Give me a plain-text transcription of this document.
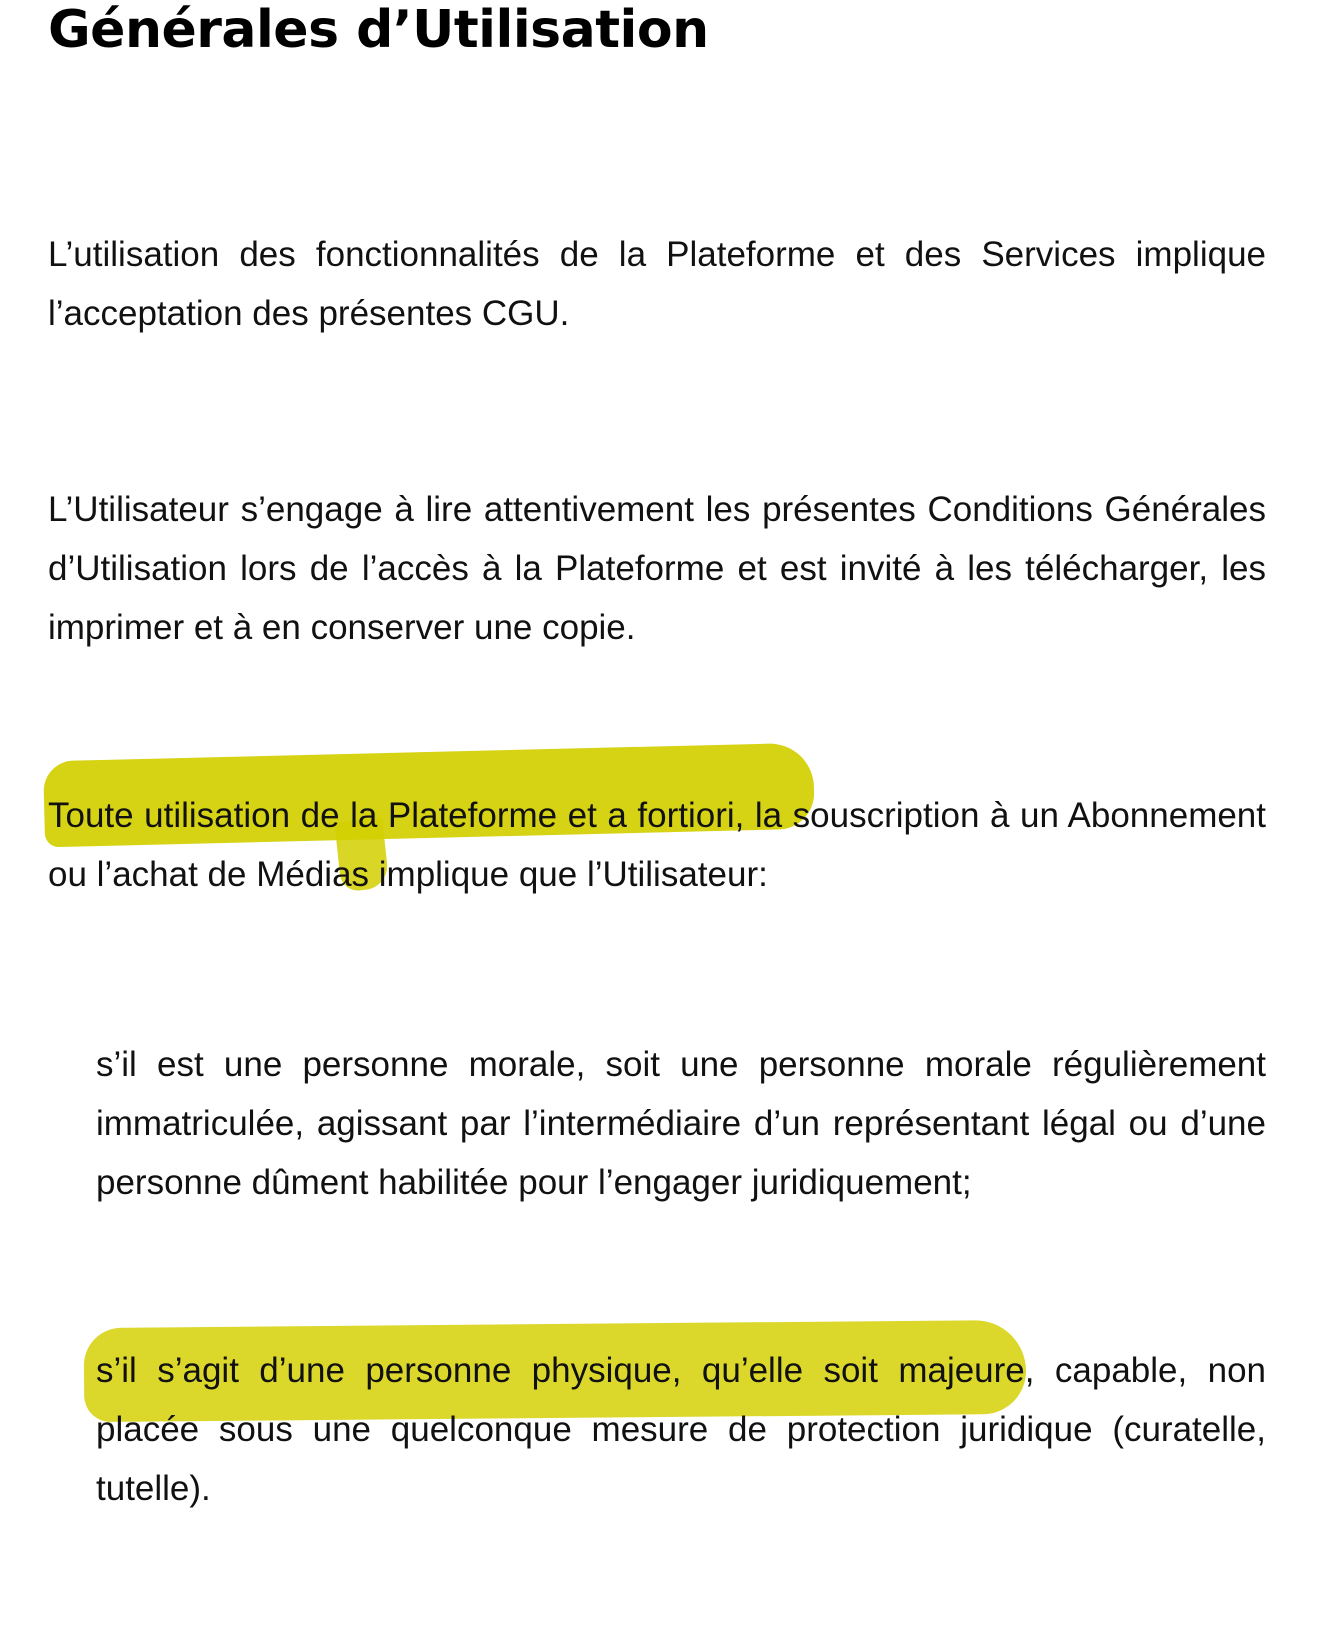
Générales d’Utilisation

L’utilisation des fonctionnalités de la Plateforme et des Services implique l’acceptation des présentes CGU.

L’Utilisateur s’engage à lire attentivement les présentes Conditions Générales d’Utilisation lors de l’accès à la Plateforme et est invité à les télécharger, les imprimer et à en conserver une copie.

Toute utilisation de la Plateforme et a fortiori, la souscription à un Abonnement ou l’achat de Médias implique que l’Utilisateur:

s’il est une personne morale, soit une personne morale régulièrement immatriculée, agissant par l’intermédiaire d’un représentant légal ou d’une personne dûment habilitée pour l’engager juridiquement;

s’il s’agit d’une personne physique, qu’elle soit majeure, capable, non placée sous une quelconque mesure de protection juridique (curatelle, tutelle).
